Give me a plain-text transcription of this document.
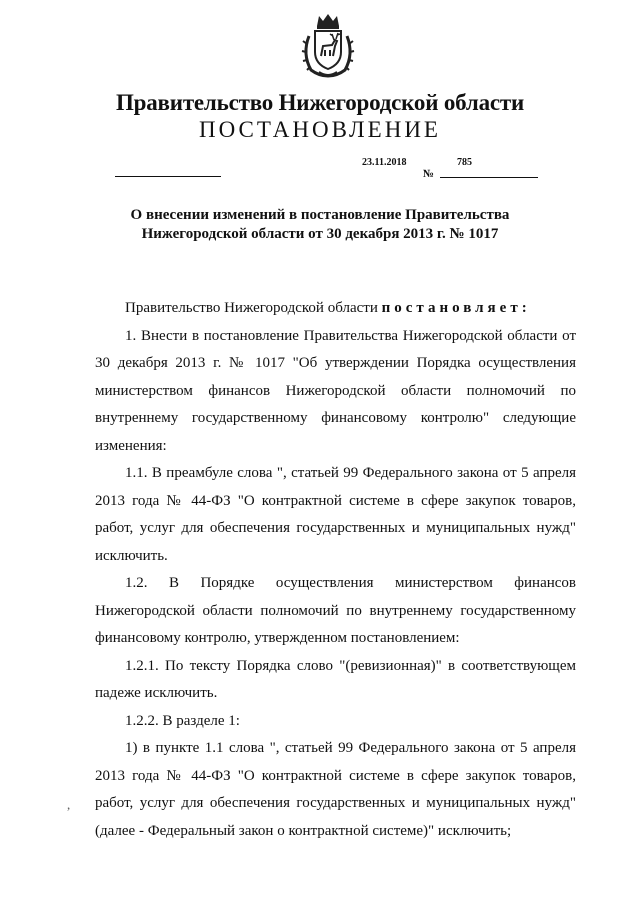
Правительство Нижегородской области
ПОСТАНОВЛЕНИЕ
23.11.2018
№
785
О внесении изменений в постановление Правительства
Нижегородской области от 30 декабря 2013 г. № 1017

Правительство Нижегородской области постановляет:

1. Внести в постановление Правительства Нижегородской области от 30 декабря 2013 г. № 1017 "Об утверждении Порядка осуществления министерством финансов Нижегородской области полномочий по внутреннему государственному финансовому контролю" следующие изменения:

1.1. В преамбуле слова ", статьей 99 Федерального закона от 5 апреля 2013 года № 44-ФЗ "О контрактной системе в сфере закупок товаров, работ, услуг для обеспечения государственных и муниципальных нужд" исключить.

1.2. В Порядке осуществления министерством финансов Нижегородской области полномочий по внутреннему государственному финансовому контролю, утвержденном постановлением:

1.2.1. По тексту Порядка слово "(ревизионная)" в соответствующем падеже исключить.

1.2.2. В разделе 1:

1) в пункте 1.1 слова ", статьей 99 Федерального закона от 5 апреля 2013 года № 44-ФЗ "О контрактной системе в сфере закупок товаров, работ, услуг для обеспечения государственных и муниципальных нужд" (далее - Федеральный закон о контрактной системе)" исключить;

,
